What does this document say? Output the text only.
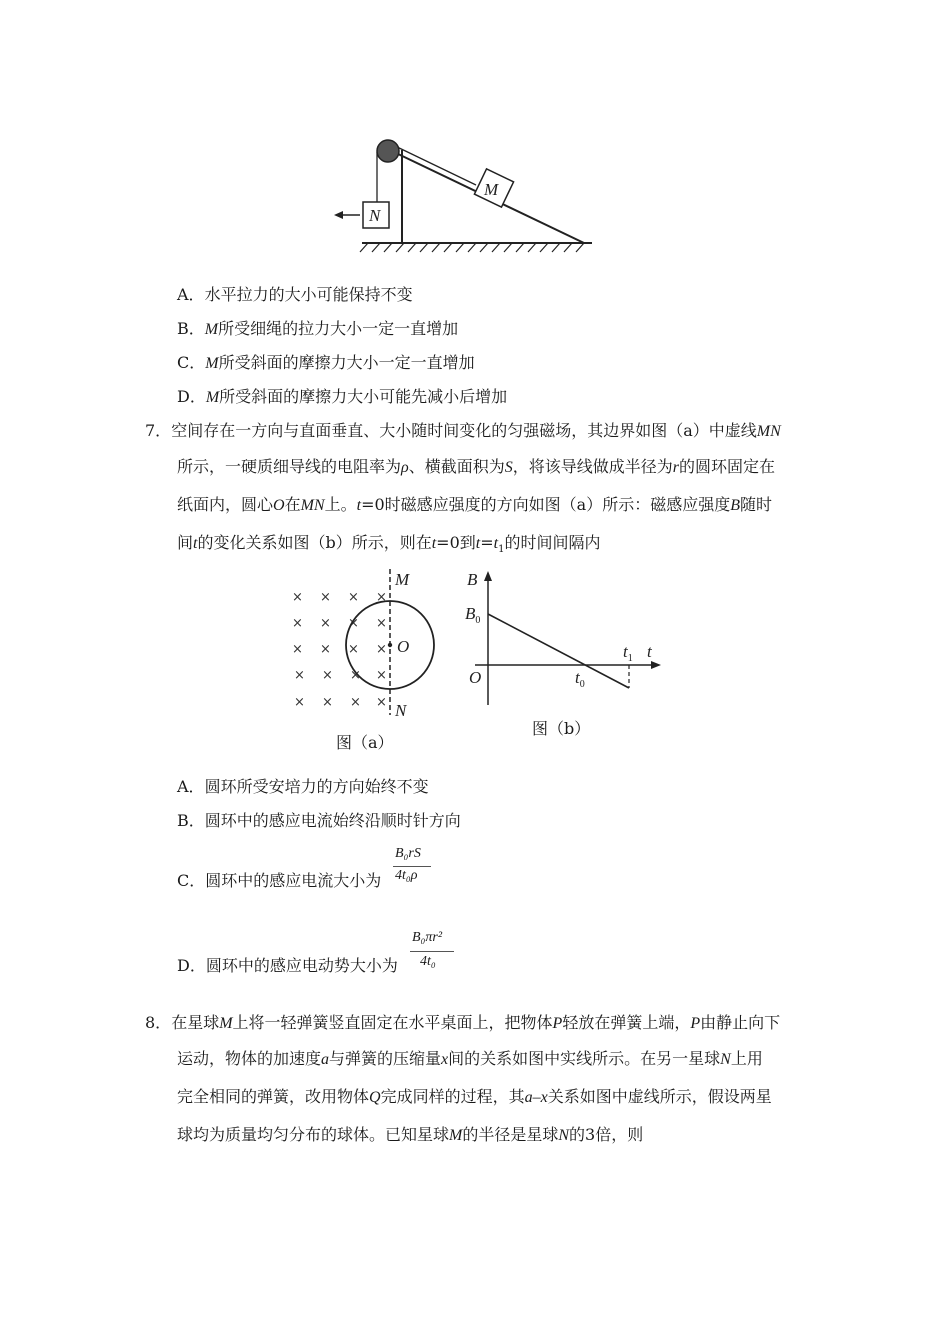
M
N
A．水平拉力的大小可能保持不变
B．M所受细绳的拉力大小一定一直增加
C．M所受斜面的摩擦力大小一定一直增加
D．M所受斜面的摩擦力大小可能先减小后增加
7．空间存在一方向与直面垂直、大小随时间变化的匀强磁场，其边界如图（a）中虚线MN
所示，一硬质细导线的电阻率为ρ、横截面积为S，将该导线做成半径为r的圆环固定在
纸面内，圆心O在MN上。t=0时磁感应强度的方向如图（a）所示：磁感应强度B随时
间t的变化关系如图（b）所示，则在t=0到$t=t_1$的时间间隔内
× × × ×
× × × ×
× × × ×
× × × ×
× × × ×
M
O
N
图（a）
B
$B_0$
O	$t_0$
$t_1$ t
图（b）
A．圆环所受安培力的方向始终不变
B．圆环中的感应电流始终沿顺时针方向
C．圆环中的感应电流大小为
B₀rS
4t₀ρ
D．圆环中的感应电动势大小为
B₀πr²
4t₀
8．在星球M上将一轻弹簧竖直固定在水平桌面上，把物体P轻放在弹簧上端，P由静止向下
运动，物体的加速度a与弹簧的压缩量x间的关系如图中实线所示。在另一星球N上用
完全相同的弹簧，改用物体Q完成同样的过程，其a–x关系如图中虚线所示，假设两星
球均为质量均匀分布的球体。已知星球M的半径是星球N的3倍，则
